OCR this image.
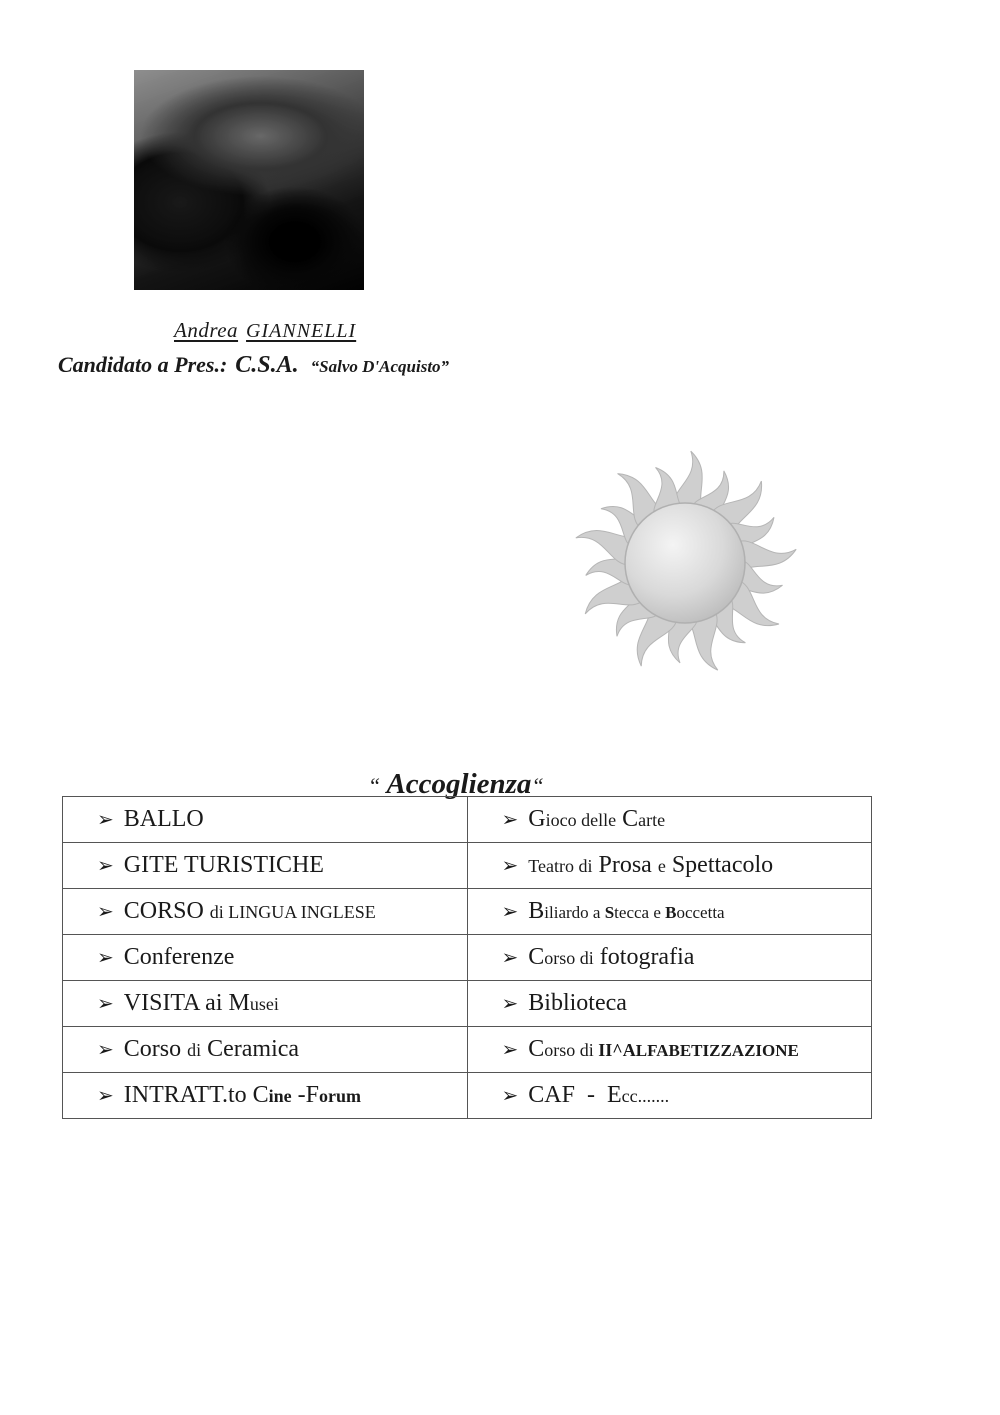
Andrea GIANNELLI
Candidato a Pres.: C.S.A. “Salvo D'Acquisto”
“ Accoglienza“
➢ BALLO	➢ Gioco delle Carte
➢ GITE TURISTICHE	➢ Teatro di Prosa e Spettacolo
➢ CORSO di LINGUA INGLESE	➢ Biliardo a Stecca e Boccetta
➢ Conferenze	➢ Corso di fotografia
➢ VISITA ai Musei	➢ Biblioteca
➢ Corso di Ceramica	➢ Corso di II^ALFABETIZZAZIONE
➢ INTRATT.to Cine -Forum	➢ CAF  -  Ecc.......
